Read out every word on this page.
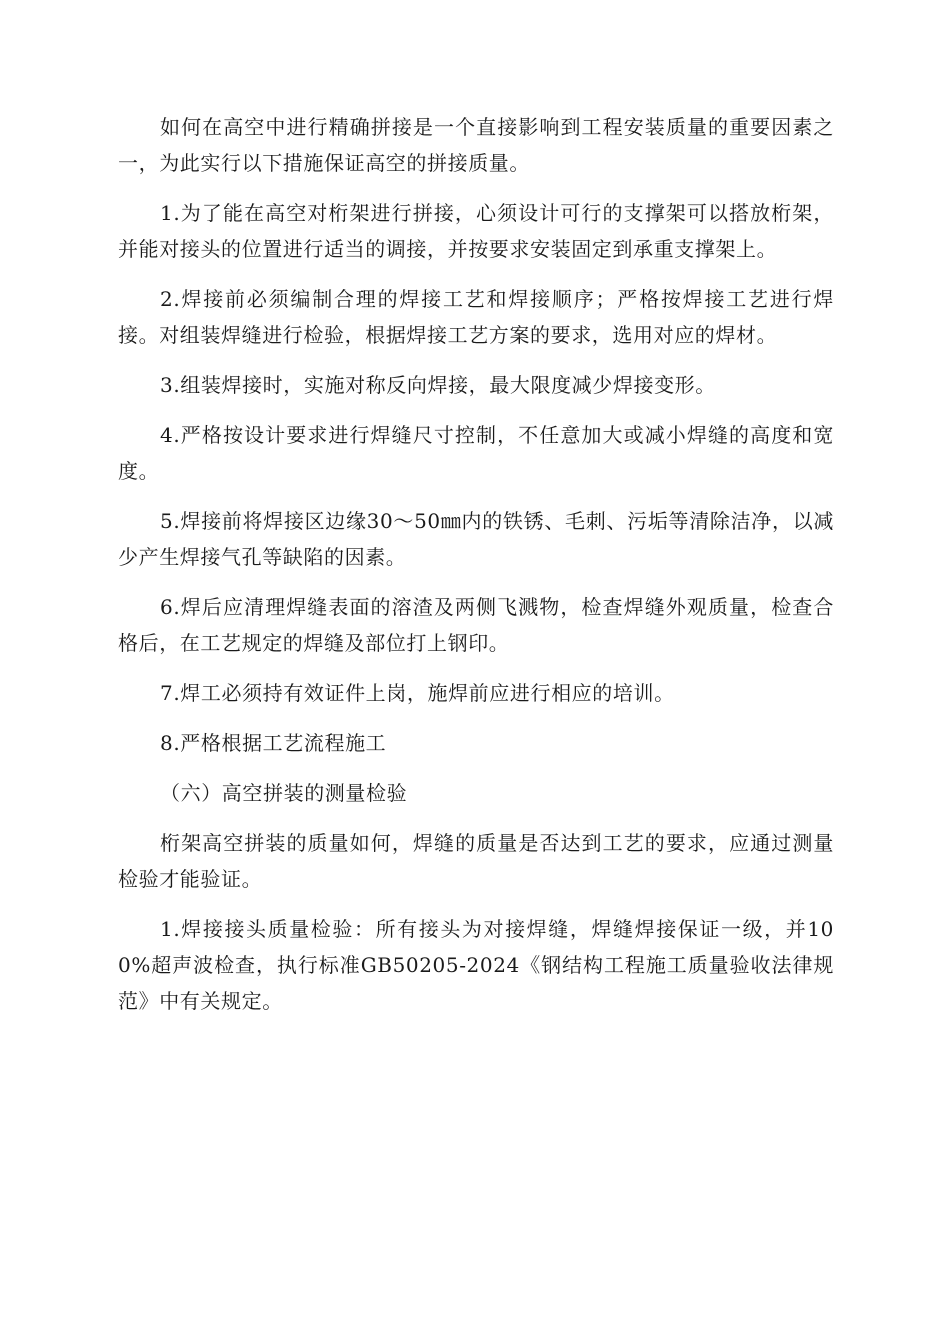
如何在高空中进行精确拼接是一个直接影响到工程安装质量的重要因素之一，为此实行以下措施保证高空的拼接质量。

1.为了能在高空对桁架进行拼接，心须设计可行的支撑架可以搭放桁架，并能对接头的位置进行适当的调接，并按要求安装固定到承重支撑架上。

2.焊接前必须编制合理的焊接工艺和焊接顺序；严格按焊接工艺进行焊接。对组装焊缝进行检验，根据焊接工艺方案的要求，选用对应的焊材。

3.组装焊接时，实施对称反向焊接，最大限度减少焊接变形。

4.严格按设计要求进行焊缝尺寸控制，不任意加大或减小焊缝的高度和宽度。

5.焊接前将焊接区边缘30～50㎜内的铁锈、毛刺、污垢等清除洁净，以减少产生焊接气孔等缺陷的因素。

6.焊后应清理焊缝表面的溶渣及两侧飞溅物，检查焊缝外观质量，检查合格后，在工艺规定的焊缝及部位打上钢印。

7.焊工必须持有效证件上岗，施焊前应进行相应的培训。

8.严格根据工艺流程施工

（六）高空拼装的测量检验

桁架高空拼装的质量如何，焊缝的质量是否达到工艺的要求，应通过测量检验才能验证。

1.焊接接头质量检验：所有接头为对接焊缝，焊缝焊接保证一级，并100%超声波检查，执行标准GB50205-2024《钢结构工程施工质量验收法律规范》中有关规定。
